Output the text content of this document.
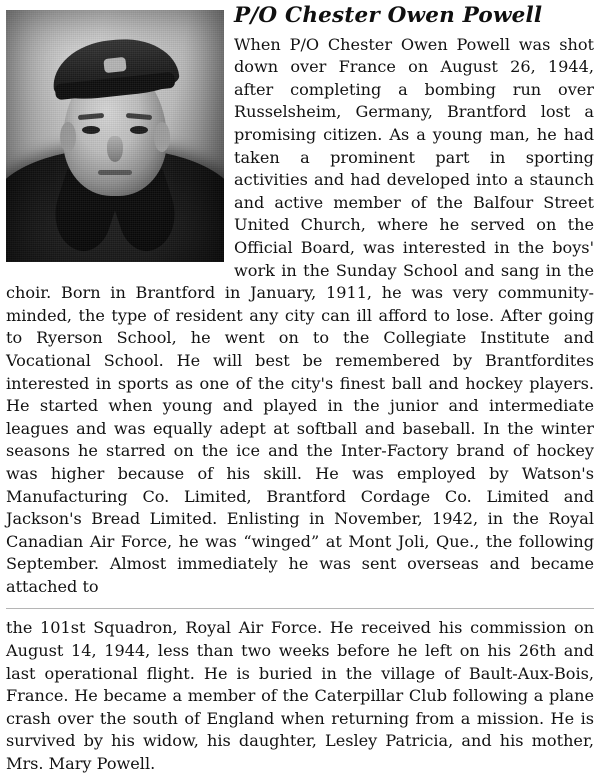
P/O Chester Owen Powell

When P/O Chester Owen Powell was shot down over France on August 26, 1944, after completing a bombing run over Russelsheim, Germany, Brantford lost a promising citizen. As a young man, he had taken a prominent part in sporting activities and had developed into a staunch and active member of the Balfour Street United Church, where he served on the Official Board, was interested in the boys' work in the Sunday School and sang in the choir. Born in Brantford in January, 1911, he was very community-minded, the type of resident any city can ill afford to lose. After going to Ryerson School, he went on to the Collegiate Institute and Vocational School. He will best be remembered by Brantfordites interested in sports as one of the city's finest ball and hockey players. He started when young and played in the junior and intermediate leagues and was equally adept at softball and baseball. In the winter seasons he starred on the ice and the Inter-Factory brand of hockey was higher because of his skill. He was employed by Watson's Manufacturing Co. Limited, Brantford Cordage Co. Limited and Jackson's Bread Limited. Enlisting in November, 1942, in the Royal Canadian Air Force, he was “winged” at Mont Joli, Que., the following September. Almost immediately he was sent overseas and became attached to

the 101st Squadron, Royal Air Force. He received his commission on August 14, 1944, less than two weeks before he left on his 26th and last operational flight. He is buried in the village of Bault-Aux-Bois, France. He became a member of the Caterpillar Club following a plane crash over the south of England when returning from a mission. He is survived by his widow, his daughter, Lesley Patricia, and his mother, Mrs. Mary Powell.
